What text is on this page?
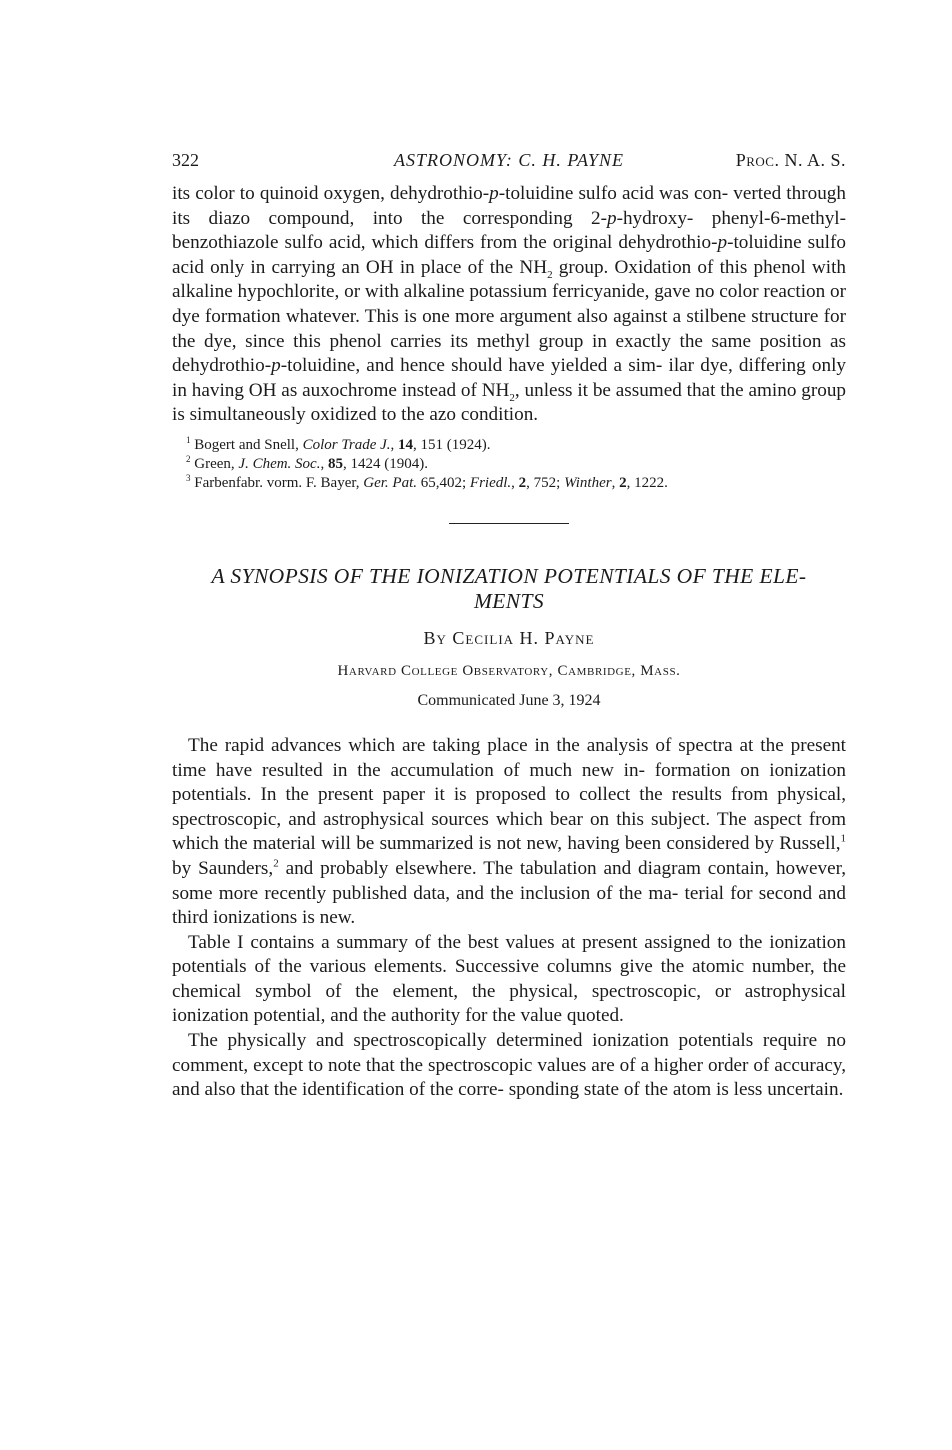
322	ASTRONOMY: C. H. PAYNE	Proc. N. A. S.
its color to quinoid oxygen, dehydrothio-p-toluidine sulfo acid was con- verted through its diazo compound, into the corresponding 2-p-hydroxy- phenyl-6-methyl-benzothiazole sulfo acid, which differs from the original dehydrothio-p-toluidine sulfo acid only in carrying an OH in place of the $NH_2$ group. Oxidation of this phenol with alkaline hypochlorite, or with alkaline potassium ferricyanide, gave no color reaction or dye formation whatever. This is one more argument also against a stilbene structure for the dye, since this phenol carries its methyl group in exactly the same position as dehydrothio-p-toluidine, and hence should have yielded a sim- ilar dye, differing only in having OH as auxochrome instead of $NH_2$, unless it be assumed that the amino group is simultaneously oxidized to the azo condition.

$^1$ Bogert and Snell, Color Trade J., 14, 151 (1924).

$^2$ Green, J. Chem. Soc., 85, 1424 (1904).

$^3$ Farbenfabr. vorm. F. Bayer, Ger. Pat. 65,402; Friedl., 2, 752; Winther, 2, 1222.

A SYNOPSIS OF THE IONIZATION POTENTIALS OF THE ELE-
MENTS
By Cecilia H. Payne
Harvard College Observatory, Cambridge, Mass.
Communicated June 3, 1924
The rapid advances which are taking place in the analysis of spectra at the present time have resulted in the accumulation of much new in- formation on ionization potentials. In the present paper it is proposed to collect the results from physical, spectroscopic, and astrophysical sources which bear on this subject. The aspect from which the material will be summarized is not new, having been considered by Russell,$^1$ by Saunders,$^2$ and probably elsewhere. The tabulation and diagram contain, however, some more recently published data, and the inclusion of the ma- terial for second and third ionizations is new.
Table I contains a summary of the best values at present assigned to the ionization potentials of the various elements. Successive columns give the atomic number, the chemical symbol of the element, the physical, spectroscopic, or astrophysical ionization potential, and the authority for the value quoted.
The physically and spectroscopically determined ionization potentials require no comment, except to note that the spectroscopic values are of a higher order of accuracy, and also that the identification of the corre- sponding state of the atom is less uncertain.
